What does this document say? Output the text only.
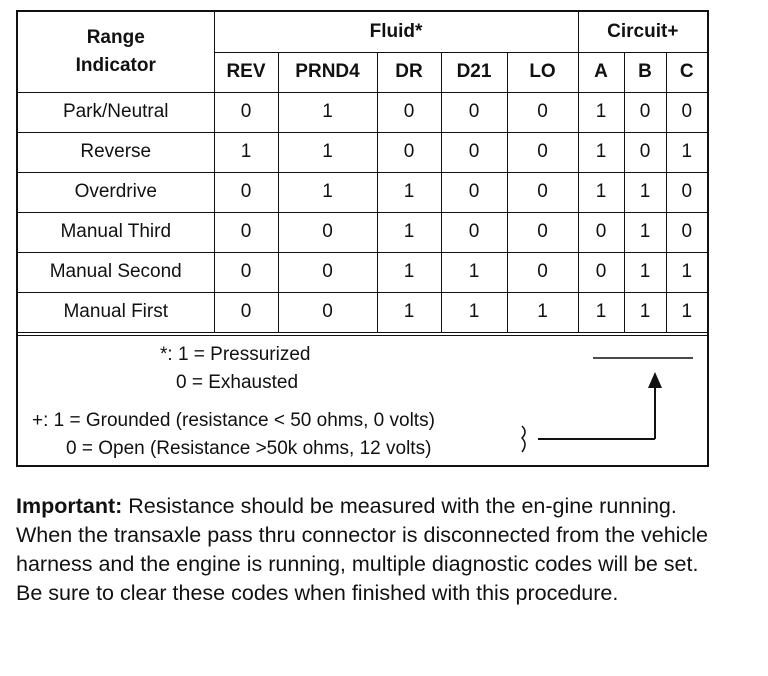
Range
Indicator	Fluid*					Circuit+		
	REV	PRND4	DR	D21	LO	A	B	C
Park/Neutral	0	1	0	0	0	1	0	0
Reverse	1	1	0	0	0	1	0	1
Overdrive	0	1	1	0	0	1	1	0
Manual Third	0	0	1	0	0	0	1	0
Manual Second	0	0	1	1	0	0	1	1
Manual First	0	0	1	1	1	1	1	1
*: 1 = Pressurized
0 = Exhausted
+: 1 = Grounded (resistance < 50 ohms, 0 volts)
0 = Open (Resistance >50k ohms, 12 volts)
Important: Resistance should be measured with the en-gine running. When the transaxle pass thru connector is disconnected from the vehicle harness and the engine is running, multiple diagnostic codes will be set. Be sure to clear these codes when finished with this procedure.
